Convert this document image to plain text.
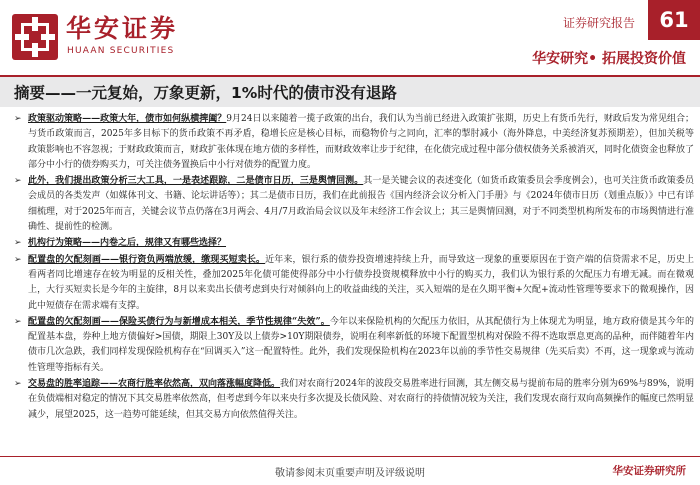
华安证券
HUAAN SECURITIES
证券研究报告	61
华安研究• 拓展投资价值
摘要——一元复始，万象更新，1%时代的债市没有退路
➢ 政策驱动策略——政策大年，债市如何纵横捭阖？9月24日以来随着一揽子政策的出台，我们认为当前已经进入政策扩张期，历史上有货币先行，财政后发为常见组合；与货币政策而言，2025年多目标下的货币政策不再矛盾，稳增长应是核心目标，而稳物价与之同向，汇率的掣肘减小（海外降息，中美经济复苏预期差），但加关税等政策影响也不容忽视；于财政政策而言，财政扩张体现在地方债的多样性，而财政效率让步于纪律，在化债完成过程中部分债权债务关系被消灭，同时化债资金也释放了部分中小行的债券购买力，可关注债务置换后中小行对债券的配置力度。
➢ 此外，我们提出政策分析三大工具，一是表述跟踪，二是债市日历，三是舆情回测。其一是关键会议的表述变化（如货币政策委员会季度例会），也可关注货币政策委员会成员的各类发声（如媒体刊文、书籍、论坛讲话等）；其二是债市日历，我们在此前报告《国内经济会议分析入门手册》与《2024年债市日历（划重点版）》中已有详细梳理，对于2025年而言，关键会议节点仍落在3月两会、4月/7月政治局会议以及年末经济工作会议上；其三是舆情回测，对于不同类型机构所发布的市场舆情进行准确性、提前性的检测。
➢ 机构行为策略——内卷之后，规律又有哪些选择？
➢ 配置盘的欠配刻画——银行资负两端放缓，缴现买短卖长。近年来，银行系的债券投资增速持续上升，而导致这一现象的重要原因在于资产端的信贷需求不足，历史上看两者同比增速存在较为明显的反相关性，叠加2025年化债可能使得部分中小行债券投资规模释放中小行的购买力，我们认为银行系的欠配压力有增无减。而在微观上，大行买短卖长是今年的主旋律，8月以来卖出长债考虑到央行对倾斜向上的收益曲线的关注，买入短端的是在久期平衡+欠配+流动性管理等要求下的微观操作，因此中短债存在需求端有支撑。
➢ 配置盘的欠配刻画——保险买债行为与新增成本相关，季节性规律“失效”。今年以来保险机构的欠配压力依旧，从其配债行为上体现尤为明显，地方政府债是其今年的配置基本盘，券种上地方债偏好>国债，期限上30Y及以上债券>10Y期限债券，说明在利率新低的环境下配置型机构对保险不得不选取票息更高的品种，而伴随着年内债市几次急跌，我们同样发现保险机构存在“回调买入”这一配置特性。此外，我们发现保险机构在2023年以前的季节性交易规律（先买后卖）不再，这一现象或与流动性管理等指标有关。
➢ 交易盘的胜率追踪——农商行胜率依然高，双向落涨幅度降低。我们对农商行2024年的波段交易胜率进行回测，其左侧交易与提前布局的胜率分别为69%与89%，说明在负债端相对稳定的情况下其交易胜率依然高，但考虑到今年以来央行多次提及长债风险、对农商行的持债情况较为关注，我们发现农商行双向高频操作的幅度已然明显减少，展望2025，这一趋势可能延续，但其交易方向依然值得关注。
敬请参阅末页重要声明及评级说明	华安证券研究所
